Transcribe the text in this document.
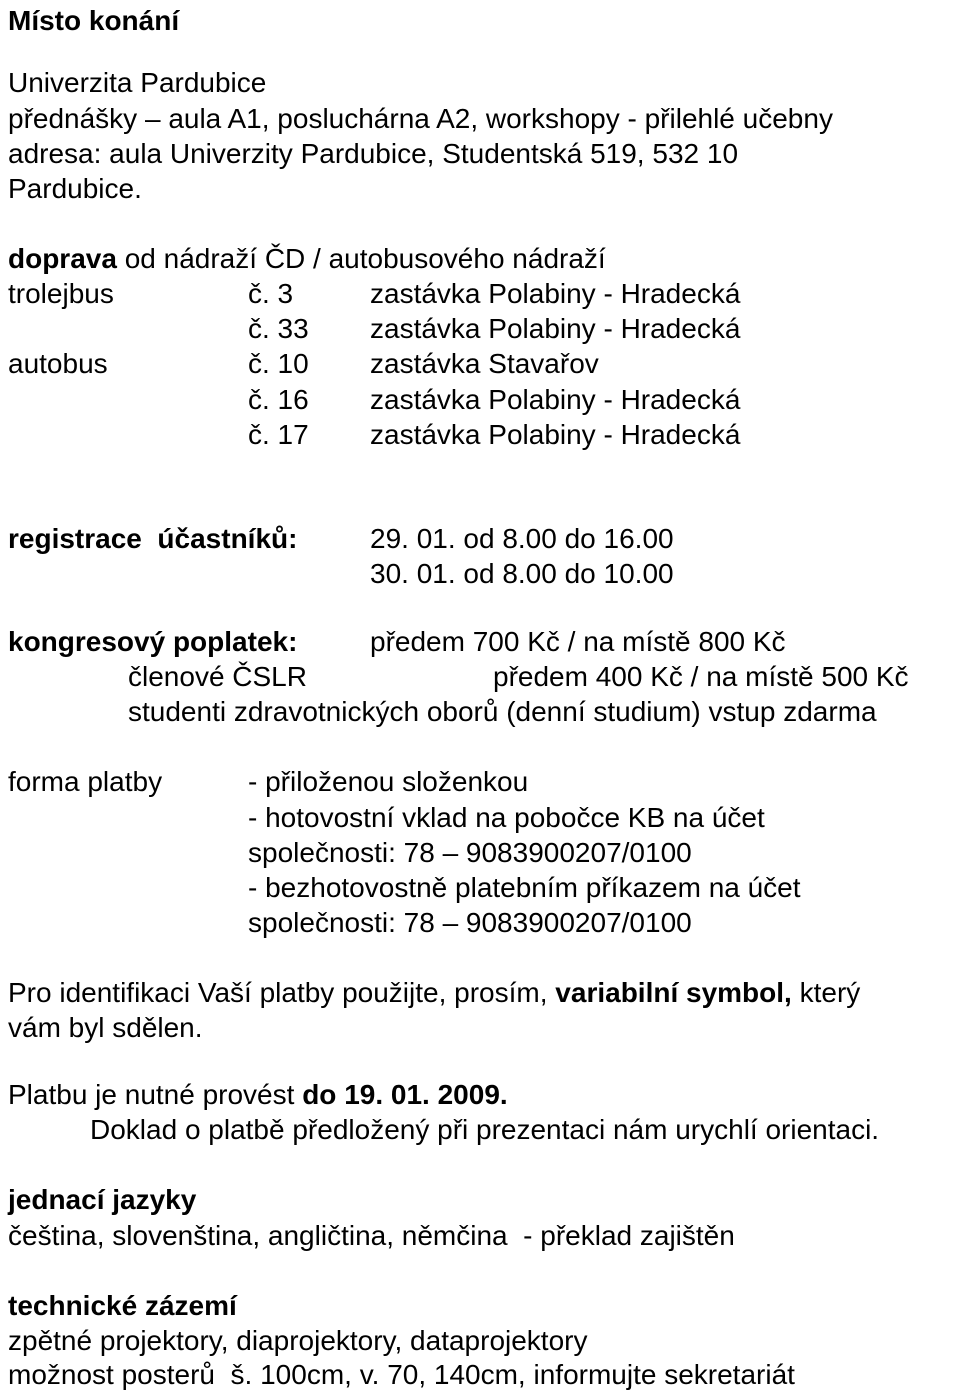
Místo konání
Univerzita Pardubice
přednášky – aula A1, posluchárna A2, workshopy - přilehlé učebny
adresa: aula Univerzity Pardubice, Studentská 519, 532 10
Pardubice.
doprava od nádraží ČD / autobusového nádraží
trolejbus	č. 3	zastávka Polabiny - Hradecká
č. 33 zastávka Polabiny - Hradecká
autobus	č. 10 zastávka Stavařov
č. 16 zastávka Polabiny - Hradecká
č. 17 zastávka Polabiny - Hradecká
registrace  účastníků:	29. 01. od 8.00 do 16.00
30. 01. od 8.00 do 10.00
kongresový poplatek:	předem 700 Kč / na místě 800 Kč
členové ČSLR	předem 400 Kč / na místě 500 Kč
studenti zdravotnických oborů (denní studium) vstup zdarma
forma platby	- přiloženou složenkou
- hotovostní vklad na pobočce KB na účet
společnosti: 78 – 9083900207/0100
- bezhotovostně platebním příkazem na účet
společnosti: 78 – 9083900207/0100
Pro identifikaci Vaší platby použijte, prosím, variabilní symbol, který
vám byl sdělen.
Platbu je nutné provést do 19. 01. 2009.
Doklad o platbě předložený při prezentaci nám urychlí orientaci.
jednací jazyky
čeština, slovenština, angličtina, němčina  - překlad zajištěn
technické zázemí
zpětné projektory, diaprojektory, dataprojektory
možnost posterů  š. 100cm, v. 70, 140cm, informujte sekretariát
